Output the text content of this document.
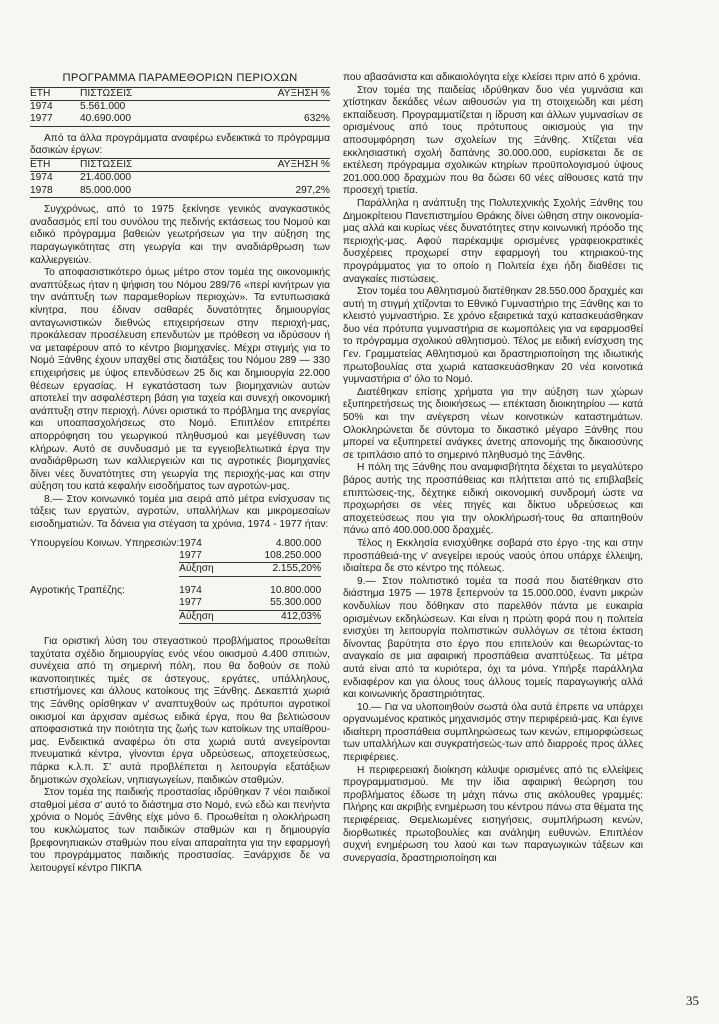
ΠΡΟΓΡΑΜΜΑ ΠΑΡΑΜΕΘΟΡΙΩΝ ΠΕΡΙΟΧΩΝ

ΕΤΗ	ΠΙΣΤΩΣΕΙΣ	ΑΥΞΗΣΗ %

1974	5.561.000	
1977	40.690.000	632%

Από τα άλλα προγράμματα αναφέρω ενδεικτικά το πρόγραμμα δασικών έργων:

ΕΤΗ	ΠΙΣΤΩΣΕΙΣ	ΑΥΞΗΣΗ %

1974	21.400.000	
1978	85.000.000	297,2%

Συγχρόνως, από το 1975 ξεκίνησε γενικός αναγκαστικός αναδασμός επί του συνόλου της πεδινής εκτάσεως του Νομού και ειδικό πρόγραμμα βαθειών γεωτρήσεων για την αύξηση της παραγωγικότητας στη γεωργία και την αναδιάρθρωση των καλλιεργειών.

Το αποφασιστικότερο όμως μέτρο στον τομέα της οικονομικής αναπτύξεως ήταν η ψήφιση του Νόμου 289/76 «περί κινήτρων για την ανάπτυξη των παραμεθορίων περιοχών». Τα εντυπωσιακά κίνητρα, που έδιναν σαθαρές δυνατότητες δημιουργίας ανταγωνιστικών διεθνώς επιχειρήσεων στην περιοχή-μας, προκάλεσαν προσέλευση επενδυτών με πρόθεση να ιδρύσουν ή να μεταφέρουν από το κέντρο βιομηχανίες. Μέχρι στιγμής για το Νομό Ξάνθης έχουν υπαχθεί στις διατάξεις του Νόμου 289 — 330 επιχειρήσεις με ύψος επενδύσεων 25 δις και δημιουργία 22.000 θέσεων εργασίας. Η εγκατάσταση των βιομηχανιών αυτών αποτελεί την ασφαλέστερη βάση για ταχεία και συνεχή οικονομική ανάπτυξη στην περιοχή. Λύνει οριστικά το πρόβλημα της ανεργίας και υποαπασχολήσεως στο Νομό. Επιπλέον επιτρέπει απορρόφηση του γεωργικού πληθυσμού και μεγέθυνση των κλήρων. Αυτό σε συνδυασμό με τα εγγειοβελτιωτικά έργα την αναδιάρθρωση των καλλιεργειών και τις αγροτικές βιομηχανίες δίνει νέες δυνατότητες στη γεωργία της περιοχής-μας και στην αύξηση του κατά κεφαλήν εισοδήματος των αγροτών-μας.

8.— Στον κοινωνικό τομέα μια σειρά από μέτρα ενίσχυσαν τις τάξεις των εργατών, αγροτών, υπαλλήλων και μικρομεσαίων εισοδηματιών. Τα δάνεια για στέγαση τα χρόνια, 1974 - 1977 ήταν:

Υπουργείου Κοινων. Υπηρεσιών:	1974	4.800.000
	1977	108.250.000
	Αύξηση	2.155,20%

Αγροτικής Τραπέζης:	1974	10.800.000
	1977	55.300.000
	Αύξηση	412,03%

Για οριστική λύση του στεγαστικού προβλήματος προωθείται ταχύτατα σχέδιο δημιουργίας ενός νέου οικισμού 4.400 σπιτιών, συνέχεια από τη σημερινή πόλη, που θα δοθούν σε πολύ ικανοποιητικές τιμές σε άστεγους, εργάτες, υπάλληλους, επιστήμονες και άλλους κατοίκους της Ξάνθης. Δεκαεπτά χωριά της Ξάνθης ορίσθηκαν ν' αναπτυχθούν ως πρότυποι αγροτικοί οικισμοί και άρχισαν αμέσως ειδικά έργα, που θα βελτιώσουν αποφασιστικά την ποιότητα της ζωής των κατοίκων της υπαίθρου-μας. Ενδεικτικά αναφέρω ότι στα χωριά αυτά ανεγείρονται πνευματικά κέντρα, γίνονται έργα υδρεύσεως, αποχετεύσεως, πάρκα κ.λ.π. Σ' αυτά προβλέπεται η λειτουργία εξατάξιων δημοτικών σχολείων, νηπιαγωγείων, παιδικών σταθμών.

Στον τομέα της παιδικής προστασίας ιδρύθηκαν 7 νέοι παιδικοί σταθμοί μέσα σ' αυτό το διάστημα στο Νομό, ενώ εδώ και πενήντα χρόνια ο Νομός Ξάνθης είχε μόνο 6. Προωθείται η ολοκλήρωση του κυκλώματος των παιδικών σταθμών και η δημιουργία βρεφονηπιακών σταθμών που είναι απαραίτητα για την εφαρμογή του προγράμματος παιδικής προστασίας. Ξανάρχισε δε να λειτουργεί κέντρο ΠΙΚΠΑ

που αβασάνιστα και αδικαιολόγητα είχε κλείσει πριν από 6 χρόνια.

Στον τομέα της παιδείας ιδρύθηκαν δυο νέα γυμνάσια και χτίστηκαν δεκάδες νέων αιθουσών για τη στοιχειώδη και μέση εκπαίδευση. Προγραμματίζεται η ίδρυση και άλλων γυμνασίων σε ορισμένους από τους πρότυπους οικισμούς για την αποσυμφόρηση των σχολείων της Ξάνθης. Χτίζεται νέα εκκλησιαστική σχολή δαπάνης 30.000.000, ευρίσκεται δε σε εκτέλεση πρόγραμμα σχολικών κτηρίων προϋπολογισμού ύψους 201.000.000 δραχμών που θα δώσει 60 νέες αίθουσες κατά την προσεχή τριετία.

Παράλληλα η ανάπτυξη της Πολυτεχνικής Σχολής Ξάνθης του Δημοκρίτειου Πανεπιστημίου Θράκης δίνει ώθηση στην οικονομία-μας αλλά και κυρίως νέες δυνατότητες στην κοινωνική πρόοδο της περιοχής-μας. Αφού παρέκαμψε ορισμένες γραφειοκρατικές δυσχέρειες προχωρεί στην εφαρμογή του κτηριακού-της προγράμματος για το οποίο η Πολιτεία έχει ήδη διαθέσει τις αναγκαίες πιστώσεις.

Στον τομέα του Αθλητισμού διατέθηκαν 28.550.000 δραχμές και αυτή τη στιγμή χτίζονται το Εθνικό Γυμναστήριο της Ξάνθης και το κλειστό γυμναστήριο. Σε χρόνο εξαιρετικά ταχύ κατασκευάσθηκαν δυο νέα πρότυπα γυμναστήρια σε κωμοπόλεις για να εφαρμοσθεί το πρόγραμμα σχολικού αθλητισμού. Τέλος με ειδική ενίσχυση της Γεν. Γραμματείας Αθλητισμού και δραστηριοποίηση της ιδιωτικής πρωτοβουλίας στα χωριά κατασκευάσθηκαν 20 νέα κοινοτικά γυμναστήρια σ' όλο το Νομό.

Διατέθηκαν επίσης χρήματα για την αύξηση των χώρων εξυπηρετήσεως της διοικήσεως — επέκταση διοικητηρίου — κατά 50% και την ανέγερση νέων κοινοτικών καταστημάτων. Ολοκληρώνεται δε σύντομα το δικαστικό μέγαρο Ξάνθης που μπορεί να εξυπηρετεί ανάγκες άνετης απονομής της δικαιοσύνης σε τριπλάσιο από το σημερινό πληθυσμό της Ξάνθης.

Η πόλη της Ξάνθης που αναμφισβήτητα δέχεται το μεγαλύτερο βάρος αυτής της προσπάθειας και πλήττεται από τις επιβλαβείς επιπτώσεις-της, δέχτηκε ειδική οικονομική συνδρομή ώστε να προχωρήσει σε νέες πηγές και δίκτυο υδρεύσεως και αποχετεύσεως που για την ολοκλήρωσή-τους θα απαιτηθούν πάνω από 400.000.000 δραχμές.

Τέλος η Εκκλησία ενισχύθηκε σοβαρά στο έργο -της και στην προσπάθειά-της ν' ανεγείρει ιερούς ναούς όπου υπάρχε έλλειψη, ιδιαίτερα δε στο κέντρο της πόλεως.

9.— Στον πολιτιστικό τομέα τα ποσά που διατέθηκαν στο διάστημα 1975 — 1978 ξεπερνούν τα 15.000.000, έναντι μικρών κονδυλίων που δόθηκαν στο παρελθόν πάντα με ευκαιρία ορισμένων εκδηλώσεων. Και είναι η πρώτη φορά που η πολιτεία ενισχύει τη λειτουργία πολιτιστικών συλλόγων σε τέτοια έκταση δίνοντας βαρύτητα στο έργο που επιτελούν και θεωρώντας-το αναγκαίο σε μια αφαιρική προσπάθεια αναπτύξεως. Τα μέτρα αυτά είναι από τα κυριότερα, όχι τα μόνα. Υπήρξε παράλληλα ενδιαφέρον και για όλους τους άλλους τομείς παραγωγικής αλλά και κοινωνικής δραστηριότητας.

10.— Για να υλοποιηθούν σωστά όλα αυτά έπρεπε να υπάρχει οργανωμένος κρατικός μηχανισμός στην περιφέρειά-μας. Και έγινε ιδιαίτερη προσπάθεια συμπληρώσεως των κενών, επιμορφώσεως των υπαλλήλων και συγκρατήσεώς-των από διαρροές προς άλλες περιφέρειες.

Η περιφερειακή διοίκηση κάλυψε ορισμένες από τις ελλείψεις προγραμματισμού. Με την ίδια αφαιρική θεώρηση του προβλήματος έδωσε τη μάχη πάνω στις ακόλουθες γραμμές: Πλήρης και ακριβής ενημέρωση του κέντρου πάνω στα θέματα της περιφέρειας. Θεμελιωμένες εισηγήσεις, συμπλήρωση κενών, διορθωτικές πρωτοβουλίες και ανάληψη ευθυνών. Επιπλέον συχνή ενημέρωση του λαού και των παραγωγικών τάξεων και συνεργασία, δραστηριοποίηση και

35
